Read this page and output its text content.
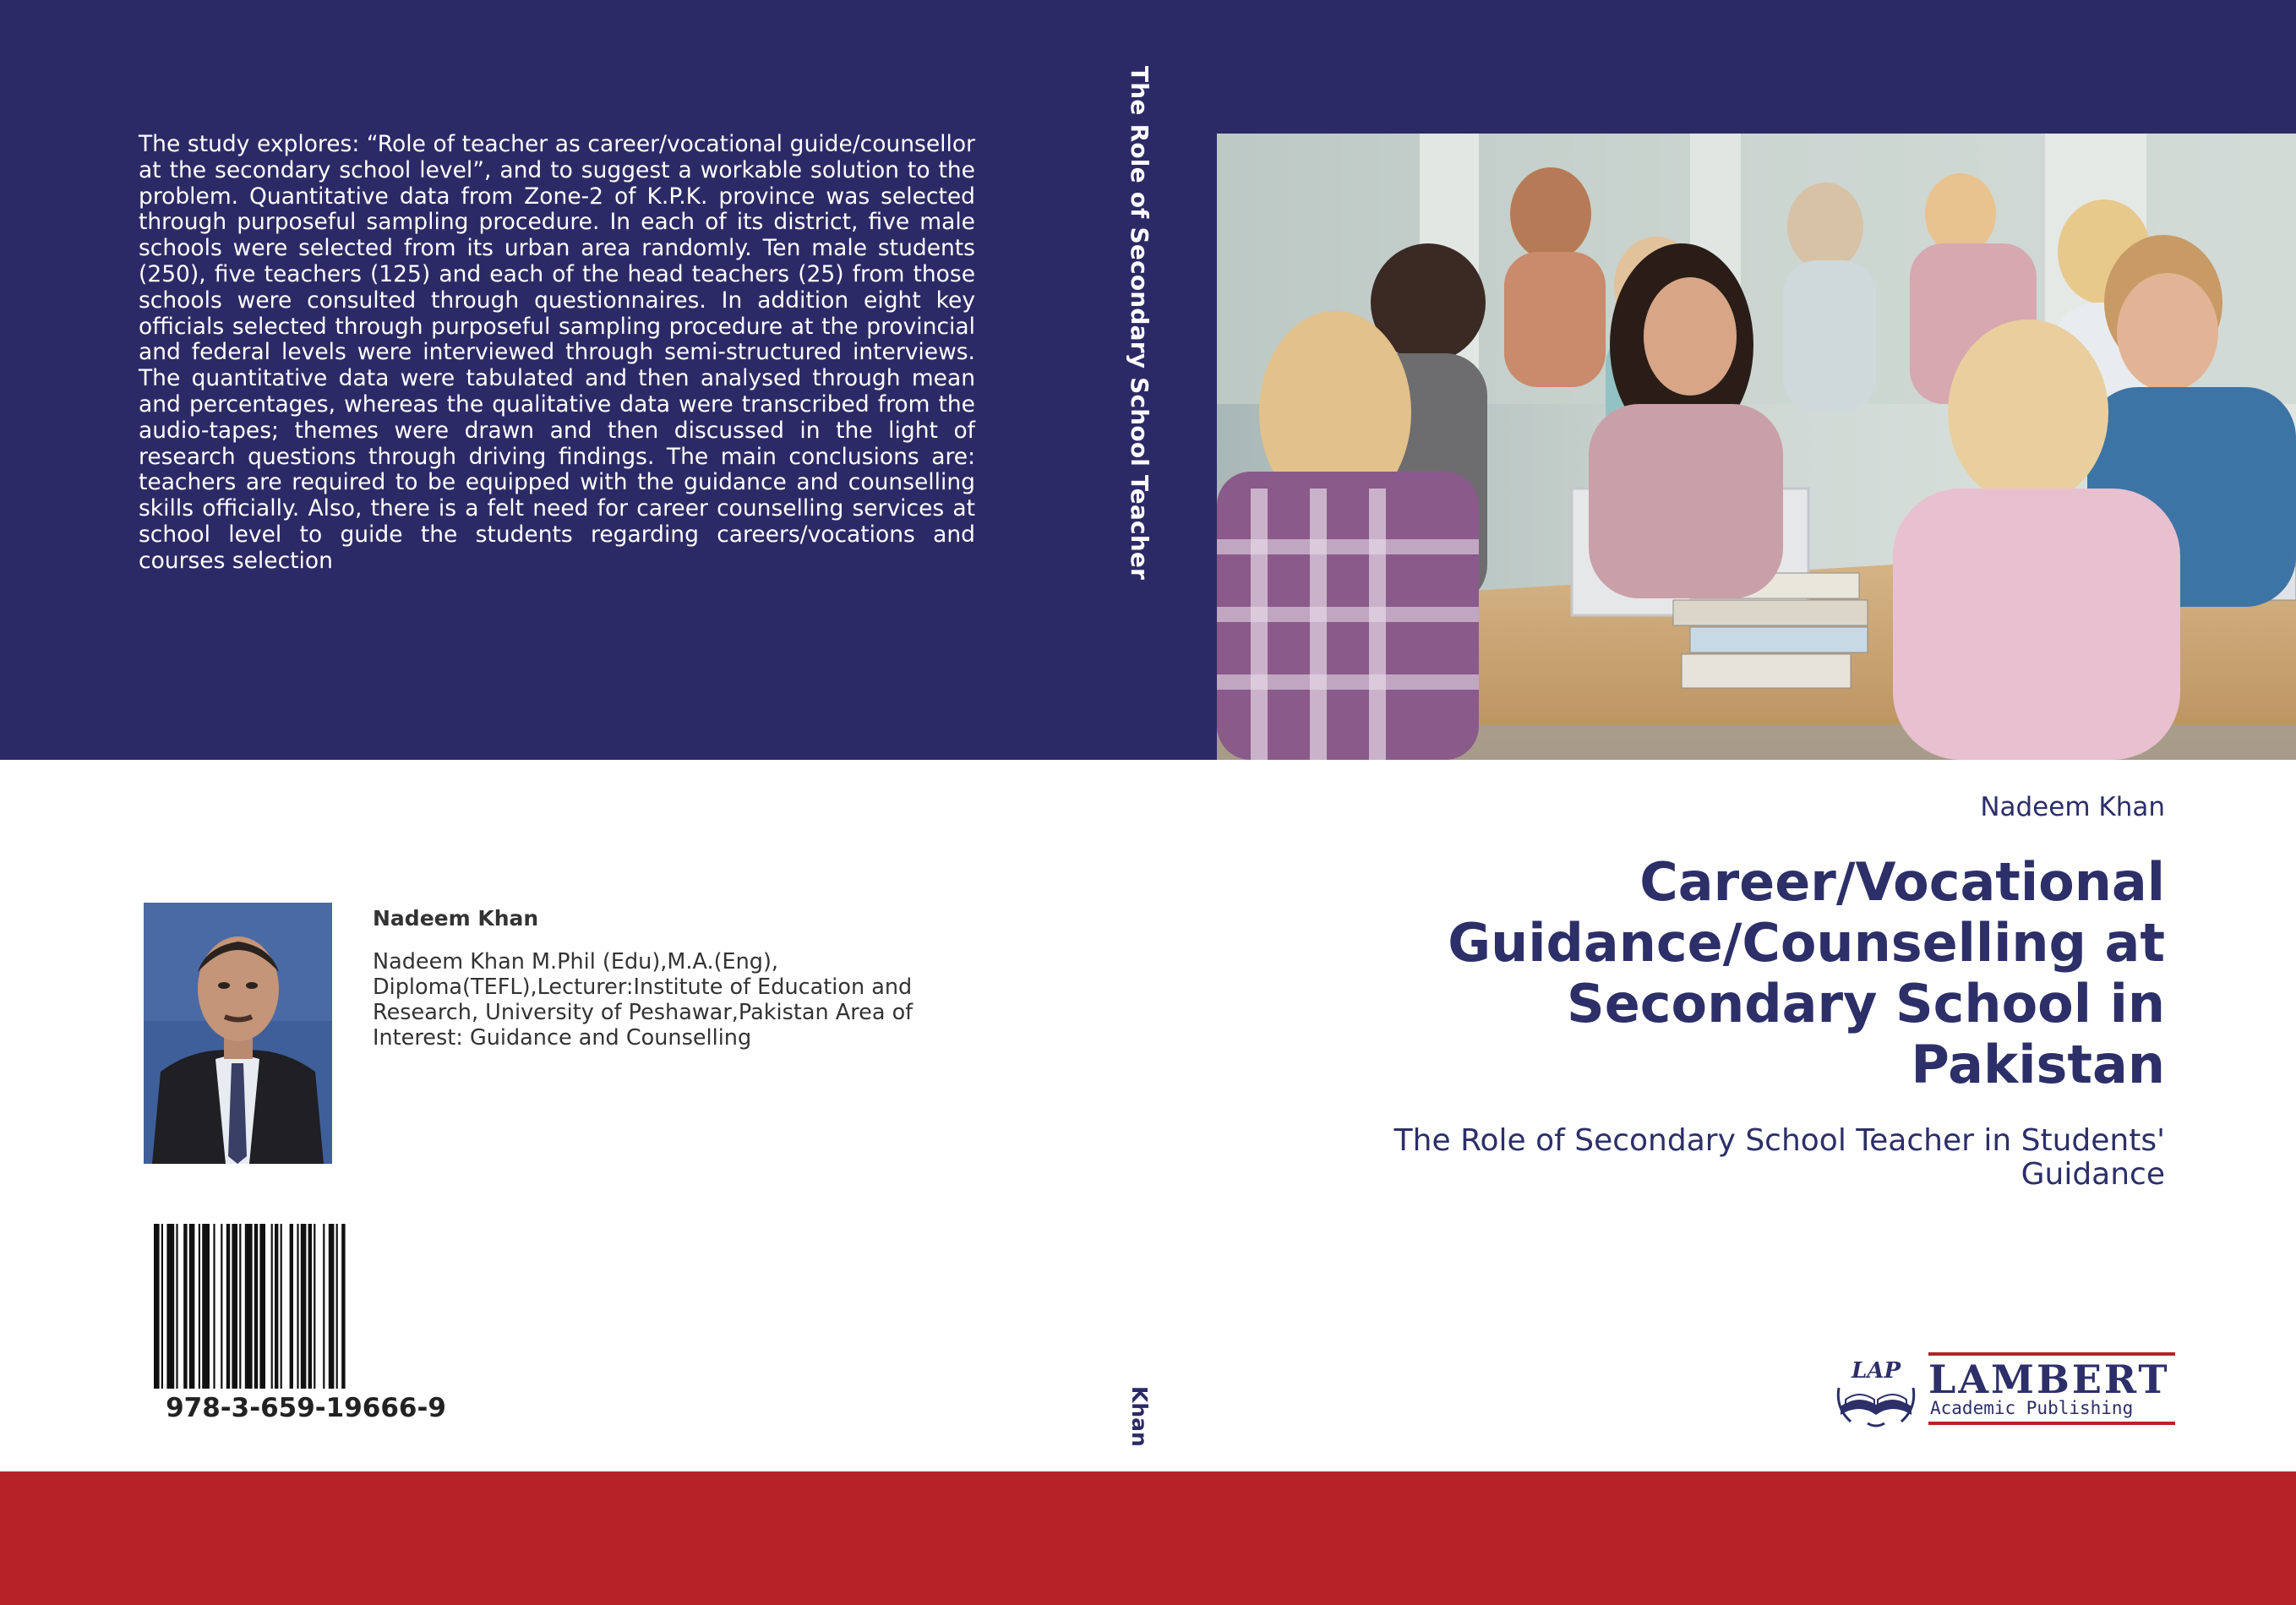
The study explores: “Role of teacher as career/vocational guide/counsellor at the secondary school level”, and to suggest a workable solution to the problem. Quantitative data from Zone-2 of K.P.K. province was selected through purposeful sampling procedure. In each of its district, five male schools were selected from its urban area randomly. Ten male students (250), five teachers (125) and each of the head teachers (25) from those schools were consulted through questionnaires. In addition eight key officials selected through purposeful sampling procedure at the provincial and federal levels were interviewed through semi-structured interviews. The quantitative data were tabulated and then analysed through mean and percentages, whereas the qualitative data were transcribed from the audio-tapes; themes were drawn and then discussed in the light of research questions through driving findings. The main conclusions are: teachers are required to be equipped with the guidance and counselling skills officially. Also, there is a felt need for career counselling services at school level to guide the students regarding careers/vocations and courses selection	The Role of Secondary School Teacher
Khan
Nadeem Khan
Career/Vocational Guidance/Counselling at Secondary School in Pakistan
The Role of Secondary School Teacher in Students' Guidance
Nadeem Khan
Nadeem Khan M.Phil (Edu),M.A.(Eng), Diploma(TEFL),Lecturer:Institute of Education and Research, University of Peshawar,Pakistan Area of Interest: Guidance and Counselling
978-3-659-19666-9
LAP LAMBERT
Academic Publishing
